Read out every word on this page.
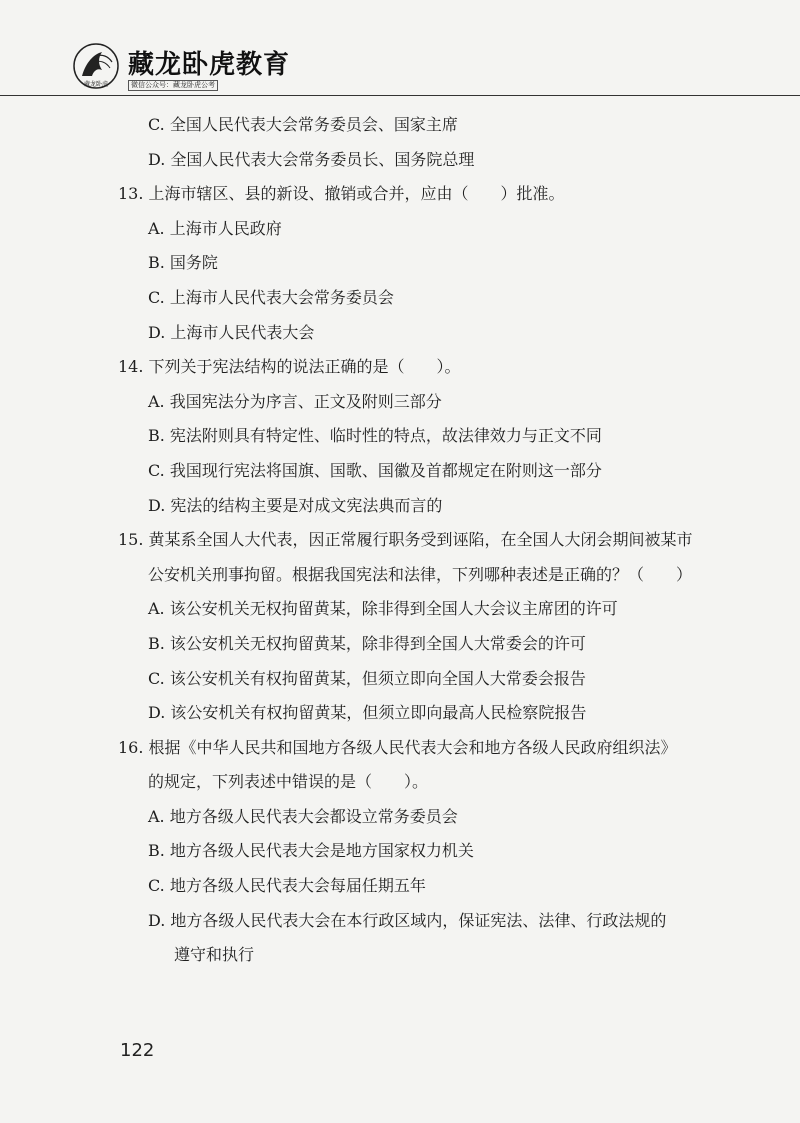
藏龙卧虎
藏龙卧虎教育
微信公众号：藏龙卧虎公考
C. 全国人民代表大会常务委员会、国家主席
D. 全国人民代表大会常务委员长、国务院总理
13. 上海市辖区、县的新设、撤销或合并，应由（　　）批准。
A. 上海市人民政府
B. 国务院
C. 上海市人民代表大会常务委员会
D. 上海市人民代表大会
14. 下列关于宪法结构的说法正确的是（　　）。
A. 我国宪法分为序言、正文及附则三部分
B. 宪法附则具有特定性、临时性的特点，故法律效力与正文不同
C. 我国现行宪法将国旗、国歌、国徽及首都规定在附则这一部分
D. 宪法的结构主要是对成文宪法典而言的
15. 黄某系全国人大代表，因正常履行职务受到诬陷，在全国人大闭会期间被某市
公安机关刑事拘留。根据我国宪法和法律，下列哪种表述是正确的？（　　）
A. 该公安机关无权拘留黄某，除非得到全国人大会议主席团的许可
B. 该公安机关无权拘留黄某，除非得到全国人大常委会的许可
C. 该公安机关有权拘留黄某，但须立即向全国人大常委会报告
D. 该公安机关有权拘留黄某，但须立即向最高人民检察院报告
16. 根据《中华人民共和国地方各级人民代表大会和地方各级人民政府组织法》
的规定，下列表述中错误的是（　　）。
A. 地方各级人民代表大会都设立常务委员会
B. 地方各级人民代表大会是地方国家权力机关
C. 地方各级人民代表大会每届任期五年
D. 地方各级人民代表大会在本行政区域内，保证宪法、法律、行政法规的
遵守和执行
122
